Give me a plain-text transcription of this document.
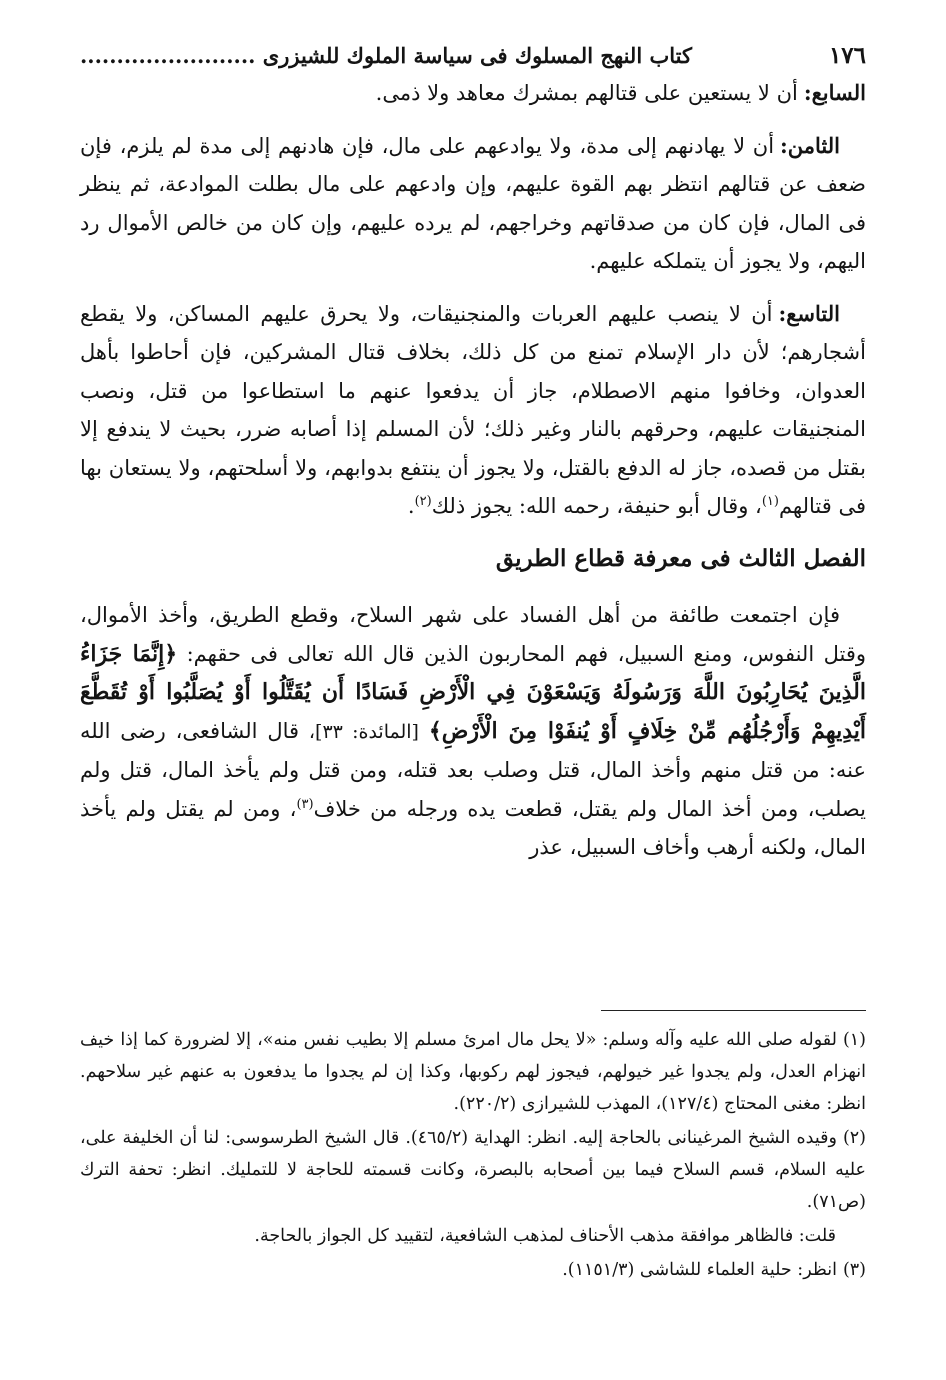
١٧٦
كتاب النهج المسلوك فى سياسة الملوك للشيزرى ........................

السابع:أن لا يستعين على قتالهم بمشرك معاهد ولا ذمى.

الثامن:أن لا يهادنهم إلى مدة، ولا يوادعهم على مال، فإن هادنهم إلى مدة لم يلزم، فإن ضعف عن قتالهم انتظر بهم القوة عليهم، وإن وادعهم على مال بطلت الموادعة، ثم ينظر فى المال، فإن كان من صدقاتهم وخراجهم، لم يرده عليهم، وإن كان من خالص الأموال رد اليهم، ولا يجوز أن يتملكه عليهم.

التاسع:أن لا ينصب عليهم العربات والمنجنيقات، ولا يحرق عليهم المساكن، ولا يقطع أشجارهم؛ لأن دار الإسلام تمنع من كل ذلك، بخلاف قتال المشركين، فإن أحاطوا بأهل العدوان، وخافوا منهم الاصطلام، جاز أن يدفعوا عنهم ما استطاعوا من قتل، ونصب المنجنيقات عليهم، وحرقهم بالنار وغير ذلك؛ لأن المسلم إذا أصابه ضرر، بحيث لا يندفع إلا بقتل من قصده، جاز له الدفع بالقتل، ولا يجوز أن ينتفع بدوابهم، ولا أسلحتهم، ولا يستعان بها فى قتالهم$^{(١)}$، وقال أبو حنيفة، رحمه الله: يجوز ذلك$^{(٢)}$.

الفصل الثالث فى معرفة قطاع الطريق

فإن اجتمعت طائفة من أهل الفساد على شهر السلاح، وقطع الطريق، وأخذ الأموال، وقتل النفوس، ومنع السبيل، فهم المحاربون الذين قال الله تعالى فى حقهم: ﴿إِنَّمَا جَزَاءُ الَّذِينَ يُحَارِبُونَ اللَّهَ وَرَسُولَهُ وَيَسْعَوْنَ فِي الْأَرْضِ فَسَادًا أَن يُقَتَّلُوا أَوْ يُصَلَّبُوا أَوْ تُقَطَّعَ أَيْدِيهِمْ وَأَرْجُلُهُم مِّنْ خِلَافٍ أَوْ يُنفَوْا مِنَ الْأَرْضِ﴾ [المائدة: ٣٣]، قال الشافعى، رضى الله عنه: من قتل منهم وأخذ المال، قتل وصلب بعد قتله، ومن قتل ولم يأخذ المال، قتل ولم يصلب، ومن أخذ المال ولم يقتل، قطعت يده ورجله من خلاف$^{(٣)}$، ومن لم يقتل ولم يأخذ المال، ولكنه أرهب وأخاف السبيل، عذر

(١)لقوله صلى الله عليه وآله وسلم: «لا يحل مال امرئ مسلم إلا بطيب نفس منه»، إلا لضرورة كما إذا خيف انهزام العدل، ولم يجدوا غير خيولهم، فيجوز لهم ركوبها، وكذا إن لم يجدوا ما يدفعون به عنهم غير سلاحهم. انظر: مغنى المحتاج (١٢٧/٤)، المهذب للشيرازى (٢٢٠/٢).

(٢)وقيده الشيخ المرغينانى بالحاجة إليه. انظر: الهداية (٤٦٥/٢). قال الشيخ الطرسوسى: لنا أن الخليفة على، عليه السلام، قسم السلاح فيما بين أصحابه بالبصرة، وكانت قسمته للحاجة لا للتمليك. انظر: تحفة الترك (ص٧١).

قلت: فالظاهر موافقة مذهب الأحناف لمذهب الشافعية، لتقييد كل الجواز بالحاجة.

(٣)انظر: حلية العلماء للشاشى (١١٥١/٣).
